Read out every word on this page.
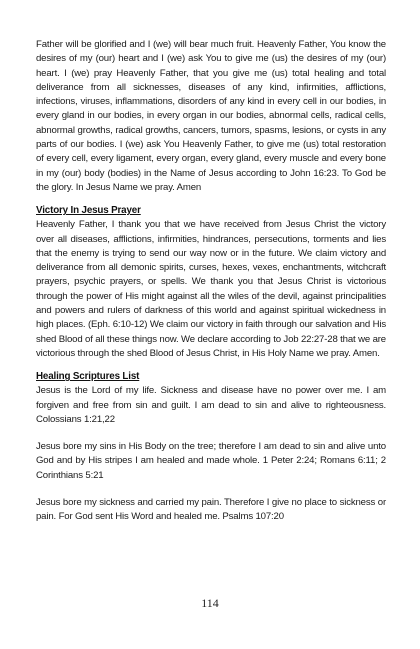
Father will be glorified and I (we) will bear much fruit. Heavenly Father, You know the desires of my (our) heart and I (we) ask You to give me (us) the desires of my (our) heart. I (we) pray Heavenly Father, that you give me (us) total healing and total deliverance from all sicknesses, diseases of any kind, infirmities, afflictions, infections, viruses, inflammations, disorders of any kind in every cell in our bodies, in every gland in our bodies, in every organ in our bodies, abnormal cells, radical cells, abnormal growths, radical growths, cancers, tumors, spasms, lesions, or cysts in any parts of our bodies. I (we) ask You Heavenly Father, to give me (us) total restoration of every cell, every ligament, every organ, every gland, every muscle and every bone in my (our) body (bodies) in the Name of Jesus according to John 16:23. To God be the glory. In Jesus Name we pray. Amen

Victory In Jesus Prayer

Heavenly Father, I thank you that we have received from Jesus Christ the victory over all diseases, afflictions, infirmities, hindrances, persecutions, torments and lies that the enemy is trying to send our way now or in the future. We claim victory and deliverance from all demonic spirits, curses, hexes, vexes, enchantments, witchcraft prayers, psychic prayers, or spells. We thank you that Jesus Christ is victorious through the power of His might against all the wiles of the devil, against principalities and powers and rulers of darkness of this world and against spiritual wickedness in high places. (Eph. 6:10-12) We claim our victory in faith through our salvation and His shed Blood of all these things now. We declare according to Job 22:27-28 that we are victorious through the shed Blood of Jesus Christ, in His Holy Name we pray. Amen.

Healing Scriptures List

Jesus is the Lord of my life. Sickness and disease have no power over me. I am forgiven and free from sin and guilt. I am dead to sin and alive to righteousness. Colossians 1:21,22

Jesus bore my sins in His Body on the tree; therefore I am dead to sin and alive unto God and by His stripes I am healed and made whole. 1 Peter 2:24; Romans 6:11; 2 Corinthians 5:21

Jesus bore my sickness and carried my pain. Therefore I give no place to sickness or pain. For God sent His Word and healed me. Psalms 107:20

114
